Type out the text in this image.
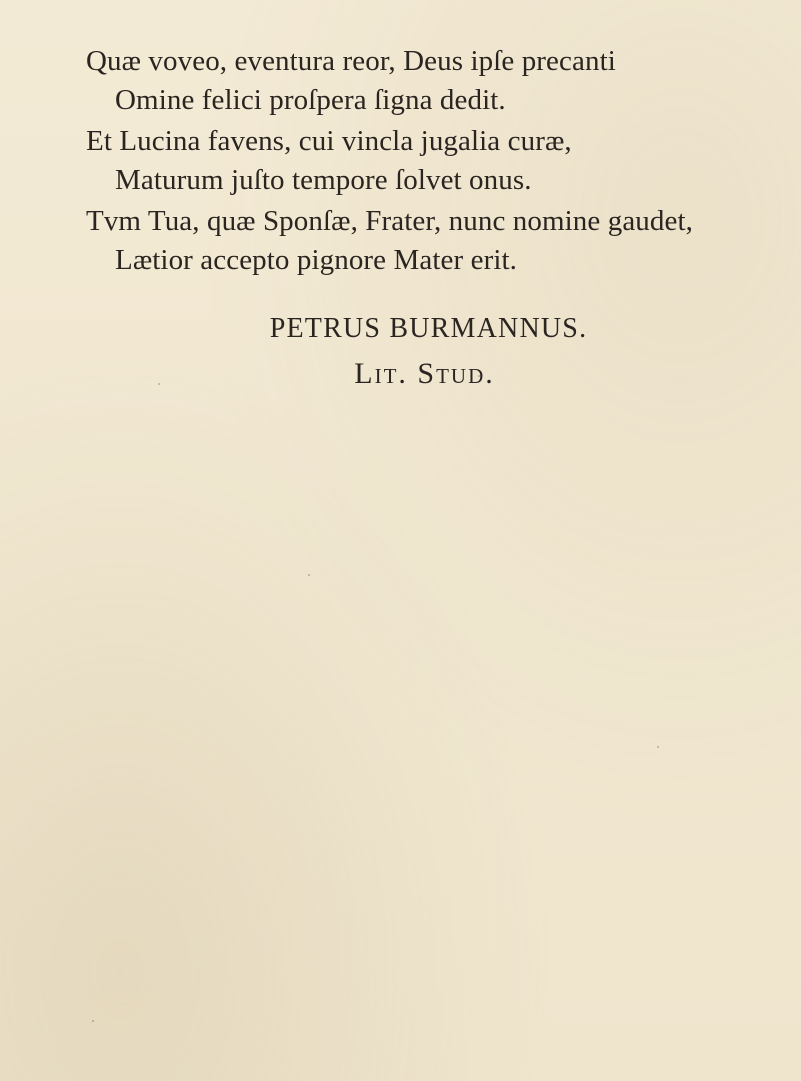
Quæ voveo, eventura reor, Deus ipſe precanti
Omine felici proſpera ſigna dedit.
Et Lucina favens, cui vincla jugalia curæ,
Maturum juſto tempore ſolvet onus.
Tvm Tua, quæ Sponſæ, Frater, nunc nomine gaudet,
Lætior accepto pignore Mater erit.
PETRUS BURMANNUS.
Lit. Stud.
